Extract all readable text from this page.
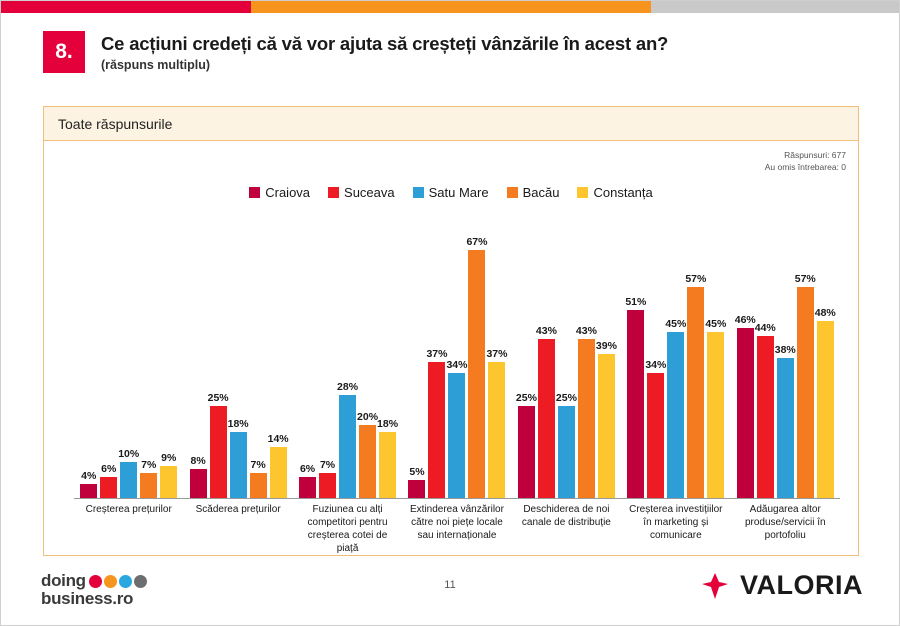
8.	Ce acțiuni credeți că vă vor ajuta să creșteți vânzările în acest an?
(răspuns multiplu)
Toate răspunsurile
Răspunsuri: 677
Au omis întrebarea: 0
Craiova	Suceava	Satu Mare	Bacău	Constanța
4%
6%
10%
7%
9% 8%
25%
18%
7%
14%
6% 7%
28%
20%
18%
5%
37%
34%
67%
37%
25%
43%
25%
43%
39%
51%
34%
45%
57%
45% 46%
44%
38%
57%
48%
Creșterea prețurilor	Scăderea prețurilor	Fuziunea cu alți competitori pentru creșterea cotei de piață
Extinderea vânzărilor către noi piețe locale sau internaționale
Deschiderea de noi canale de distribuție
Creșterea investițiilor în marketing și comunicare
Adăugarea altor produse/servicii în portofoliu
doing

business.ro
11	VALORIA
